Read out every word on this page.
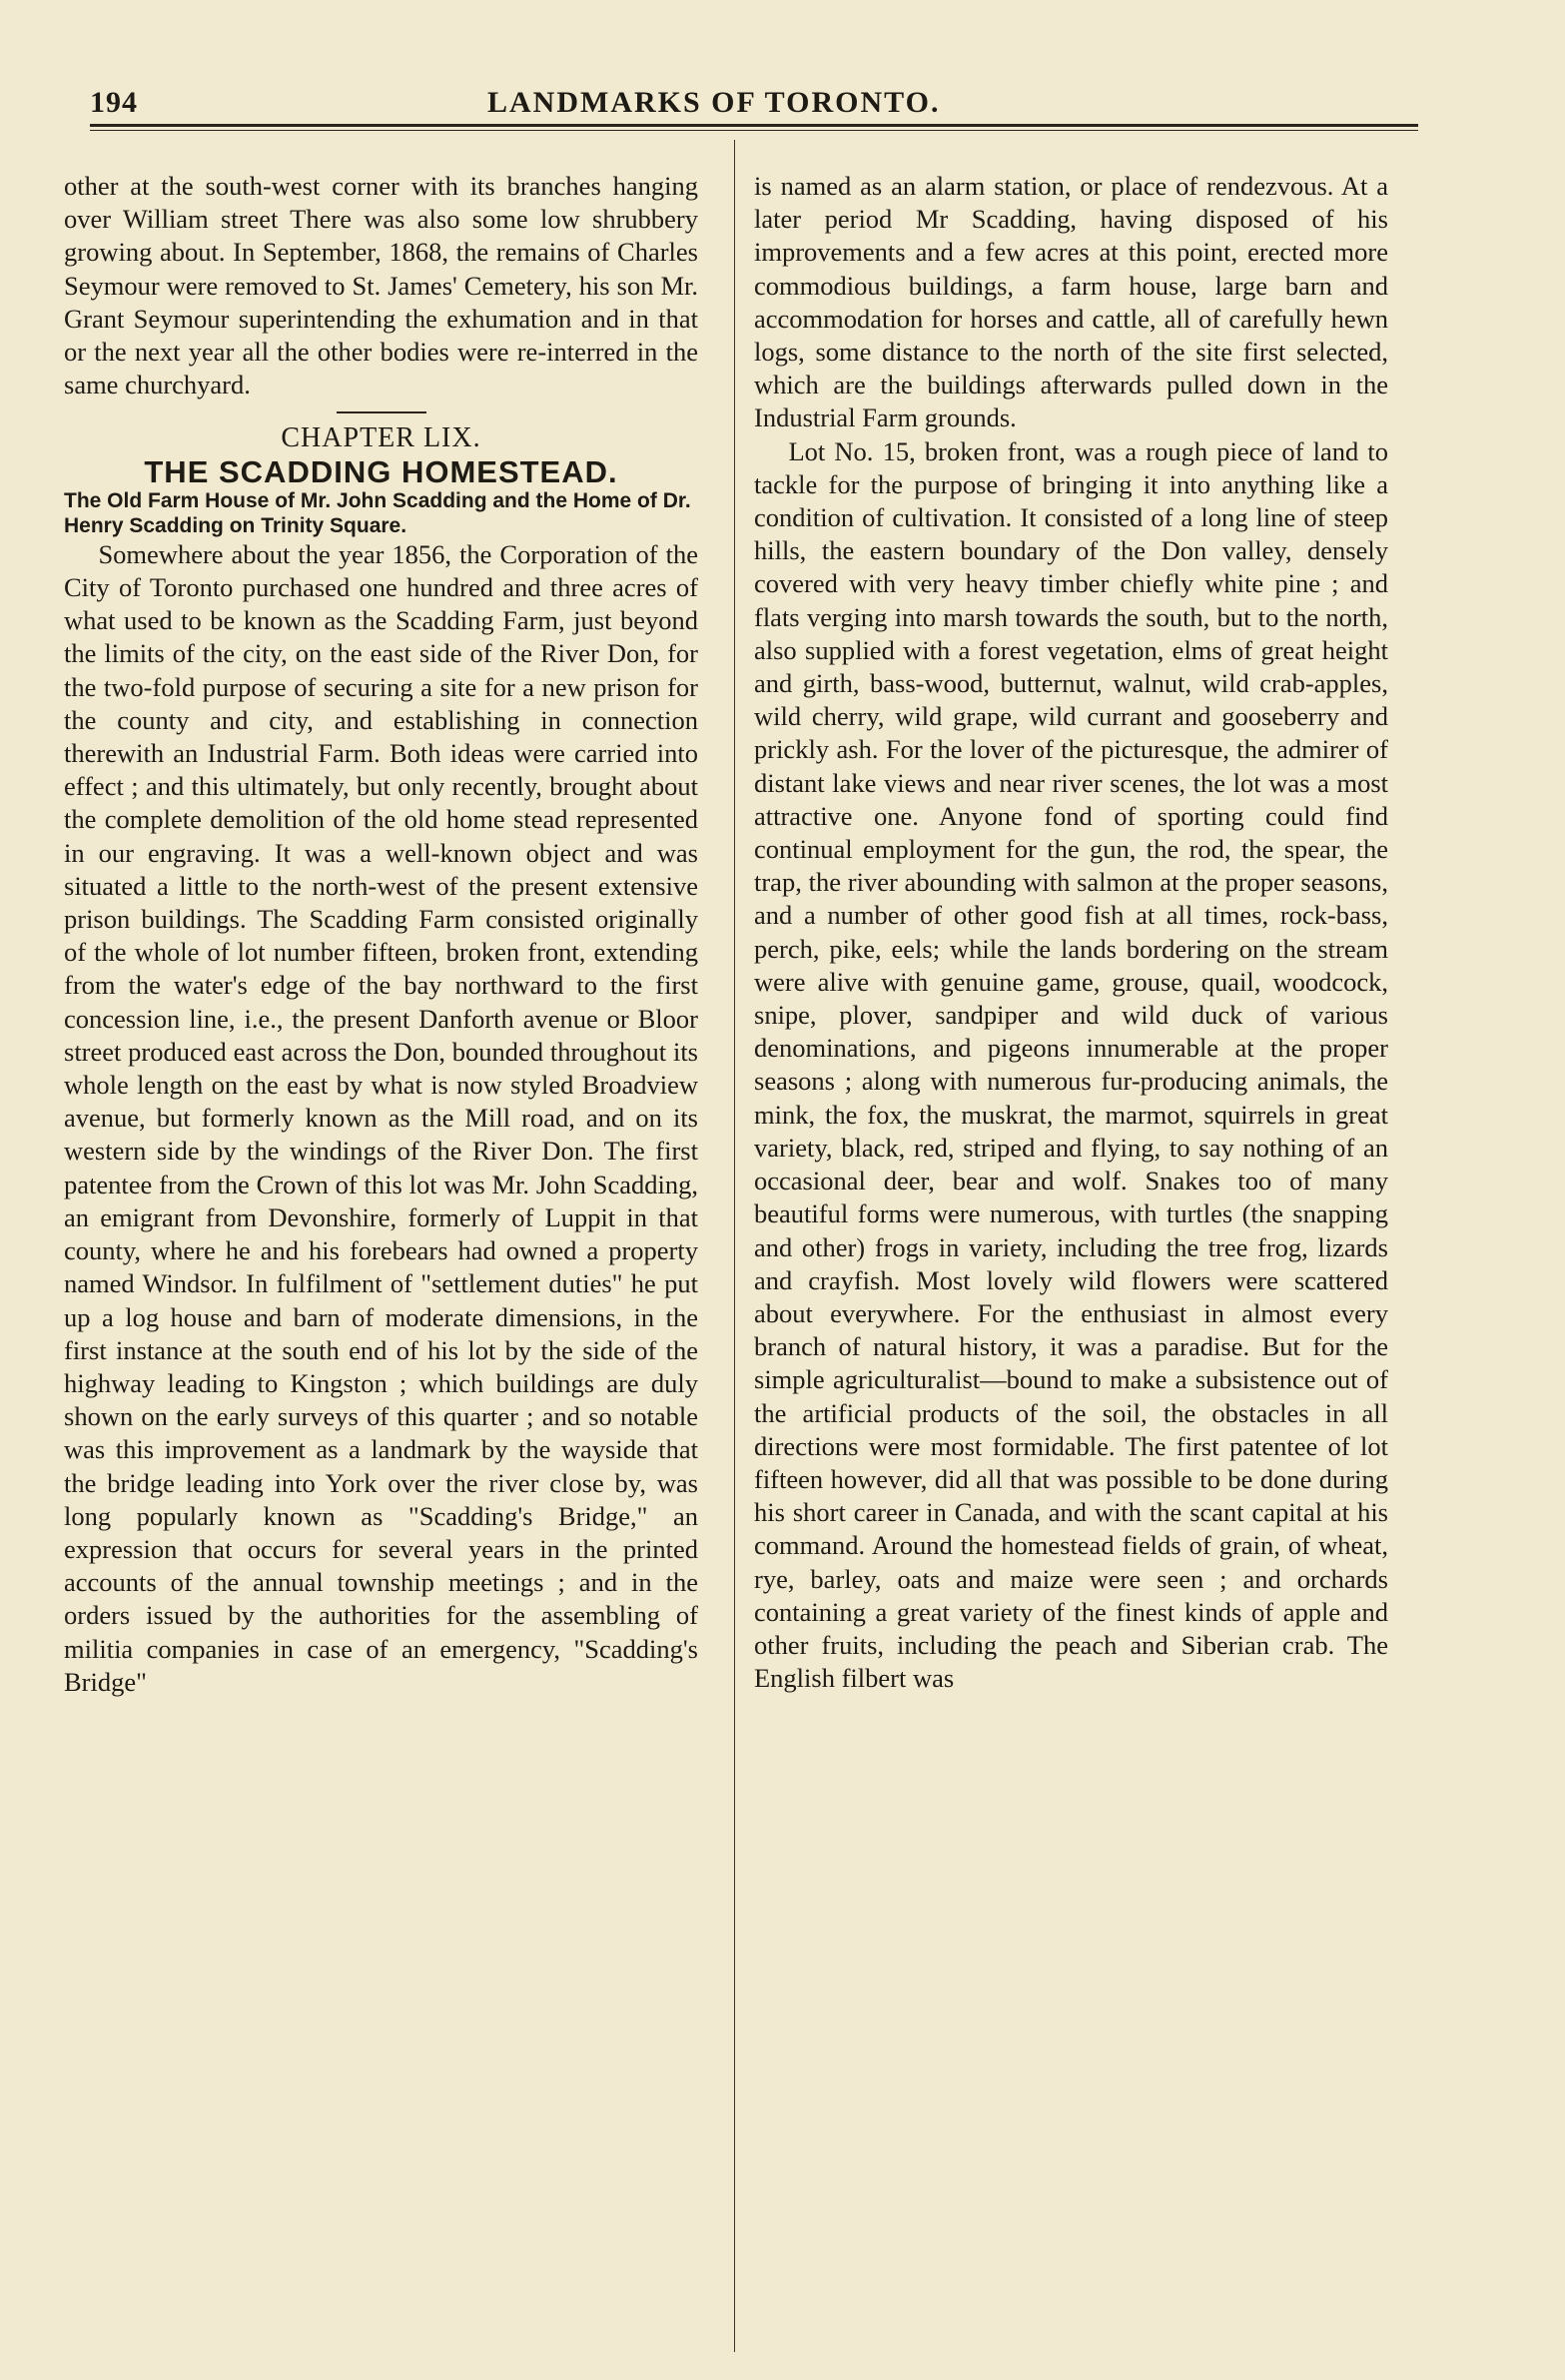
194	LANDMARKS OF TORONTO.

other at the south-west corner with its branches hanging over William street There was also some low shrubbery growing about. In September, 1868, the remains of Charles Seymour were removed to St. James' Cemetery, his son Mr. Grant Seymour superintending the exhumation and in that or the next year all the other bodies were re-interred in the same churchyard.

CHAPTER LIX.

THE SCADDING HOMESTEAD.

The Old Farm House of Mr. John Scadding and the Home of Dr. Henry Scadding on Trinity Square.

Somewhere about the year 1856, the Corporation of the City of Toronto purchased one hundred and three acres of what used to be known as the Scadding Farm, just beyond the limits of the city, on the east side of the River Don, for the two-fold purpose of securing a site for a new prison for the county and city, and establishing in connection therewith an Industrial Farm. Both ideas were carried into effect ; and this ultimately, but only recently, brought about the complete demolition of the old home stead represented in our engraving. It was a well-known object and was situated a little to the north-west of the present extensive prison buildings. The Scadding Farm consisted originally of the whole of lot number fifteen, broken front, extending from the water's edge of the bay northward to the first concession line, i.e., the present Danforth avenue or Bloor street produced east across the Don, bounded throughout its whole length on the east by what is now styled Broadview avenue, but formerly known as the Mill road, and on its western side by the windings of the River Don. The first patentee from the Crown of this lot was Mr. John Scadding, an emigrant from Devonshire, formerly of Luppit in that county, where he and his forebears had owned a property named Windsor. In fulfilment of "settlement duties" he put up a log house and barn of moderate dimensions, in the first instance at the south end of his lot by the side of the highway leading to Kingston ; which buildings are duly shown on the early surveys of this quarter ; and so notable was this improvement as a landmark by the wayside that the bridge leading into York over the river close by, was long popularly known as "Scadding's Bridge," an expression that occurs for several years in the printed accounts of the annual township meetings ; and in the orders issued by the authorities for the assembling of militia companies in case of an emergency, "Scadding's Bridge"

is named as an alarm station, or place of rendezvous. At a later period Mr Scadding, having disposed of his improvements and a few acres at this point, erected more commodious buildings, a farm house, large barn and accommodation for horses and cattle, all of carefully hewn logs, some distance to the north of the site first selected, which are the buildings afterwards pulled down in the Industrial Farm grounds.

Lot No. 15, broken front, was a rough piece of land to tackle for the purpose of bringing it into anything like a condition of cultivation. It consisted of a long line of steep hills, the eastern boundary of the Don valley, densely covered with very heavy timber chiefly white pine ; and flats verging into marsh towards the south, but to the north, also supplied with a forest vegetation, elms of great height and girth, bass-wood, butternut, walnut, wild crab-apples, wild cherry, wild grape, wild currant and gooseberry and prickly ash. For the lover of the picturesque, the admirer of distant lake views and near river scenes, the lot was a most attractive one. Anyone fond of sporting could find continual employment for the gun, the rod, the spear, the trap, the river abounding with salmon at the proper seasons, and a number of other good fish at all times, rock-bass, perch, pike, eels; while the lands bordering on the stream were alive with genuine game, grouse, quail, woodcock, snipe, plover, sandpiper and wild duck of various denominations, and pigeons innumerable at the proper seasons ; along with numerous fur-producing animals, the mink, the fox, the muskrat, the marmot, squirrels in great variety, black, red, striped and flying, to say nothing of an occasional deer, bear and wolf. Snakes too of many beautiful forms were numerous, with turtles (the snapping and other) frogs in variety, including the tree frog, lizards and crayfish. Most lovely wild flowers were scattered about everywhere. For the enthusiast in almost every branch of natural history, it was a paradise. But for the simple agriculturalist—bound to make a subsistence out of the artificial products of the soil, the obstacles in all directions were most formidable. The first patentee of lot fifteen however, did all that was possible to be done during his short career in Canada, and with the scant capital at his command. Around the homestead fields of grain, of wheat, rye, barley, oats and maize were seen ; and orchards containing a great variety of the finest kinds of apple and other fruits, including the peach and Siberian crab. The English filbert was
